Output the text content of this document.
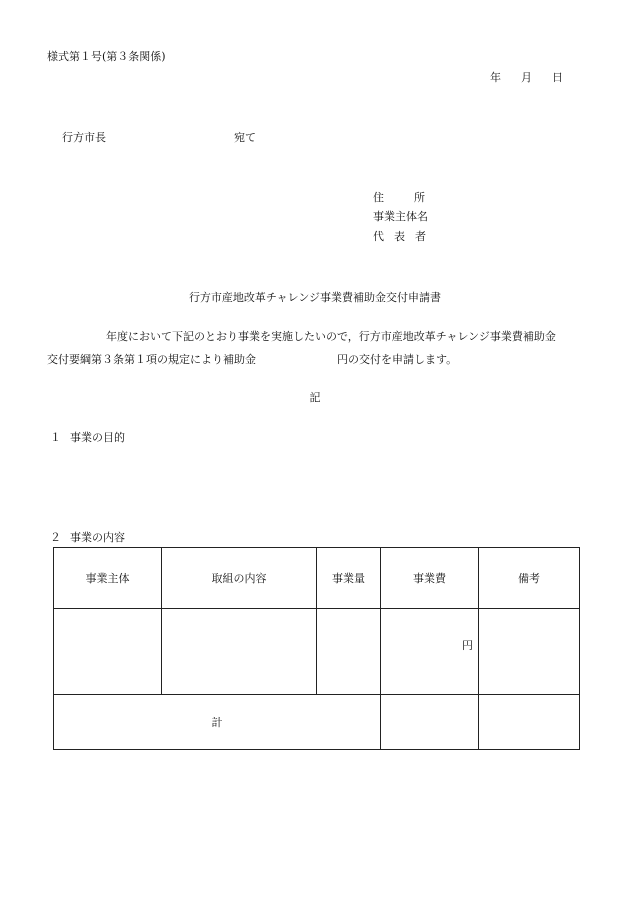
様式第１号(第３条関係)
年 月 日
行方市長	宛て
住	所
事業主体名
代 表 者
行方市産地改革チャレンジ事業費補助金交付申請書
年度において下記のとおり事業を実施したいので，行方市産地改革チャレンジ事業費補助金
交付要綱第３条第１項の規定により補助金	円の交付を申請します。
記
１ 事業の目的
２ 事業の内容
事業主体	取組の内容	事業量	事業費	備考
			円	
計				
